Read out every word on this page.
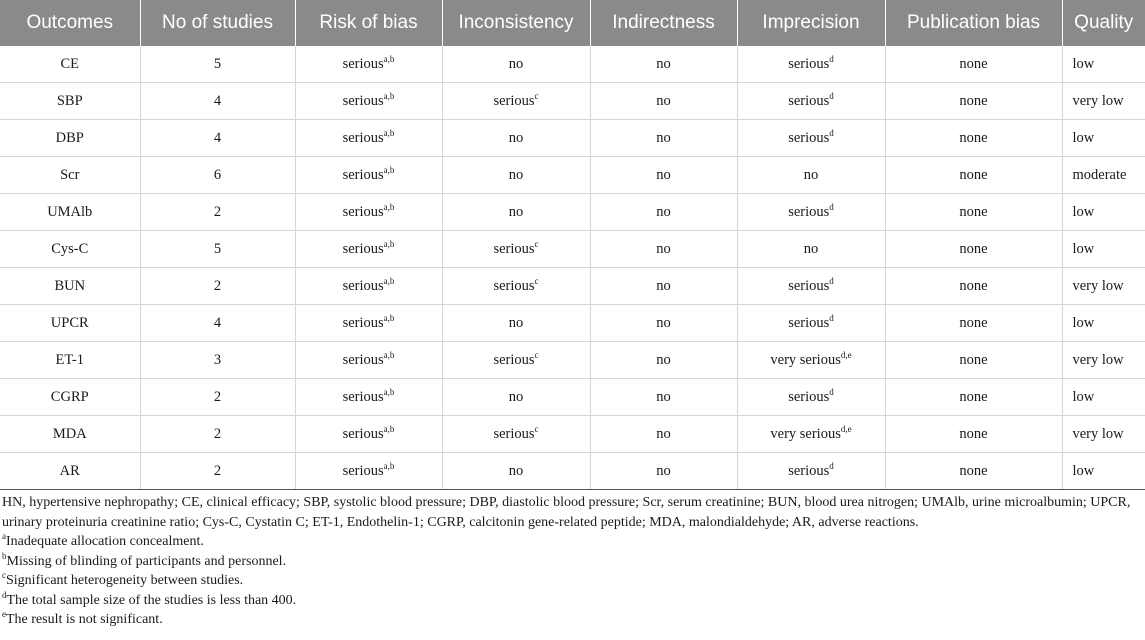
Outcomes	No of studies	Risk of bias	Inconsistency	Indirectness	Imprecision	Publication bias	Quality
CE	5	serious$^{a,b}$	no	no	serious$^d$	none	low
SBP	4	serious$^{a,b}$	serious$^c$	no	serious$^d$	none	very low
DBP	4	serious$^{a,b}$	no	no	serious$^d$	none	low
Scr	6	serious$^{a,b}$	no	no	no	none	moderate
UMAlb	2	serious$^{a,b}$	no	no	serious$^d$	none	low
Cys-C	5	serious$^{a,b}$	serious$^c$	no	no	none	low
BUN	2	serious$^{a,b}$	serious$^c$	no	serious$^d$	none	very low
UPCR	4	serious$^{a,b}$	no	no	serious$^d$	none	low
ET-1	3	serious$^{a,b}$	serious$^c$	no	very serious$^{d,e}$	none	very low
CGRP	2	serious$^{a,b}$	no	no	serious$^d$	none	low
MDA	2	serious$^{a,b}$	serious$^c$	no	very serious$^{d,e}$	none	very low
AR	2	serious$^{a,b}$	no	no	serious$^d$	none	low

HN, hypertensive nephropathy; CE, clinical efficacy; SBP, systolic blood pressure; DBP, diastolic blood pressure; Scr, serum creatinine; BUN, blood urea nitrogen; UMAlb, urine microalbumin; UPCR, urinary proteinuria creatinine ratio; Cys-C, Cystatin C; ET-1, Endothelin-1; CGRP, calcitonin gene-related peptide; MDA, malondialdehyde; AR, adverse reactions.

$^a$Inadequate allocation concealment.

$^b$Missing of blinding of participants and personnel.

$^c$Significant heterogeneity between studies.

$^d$The total sample size of the studies is less than 400.

$^e$The result is not significant.
